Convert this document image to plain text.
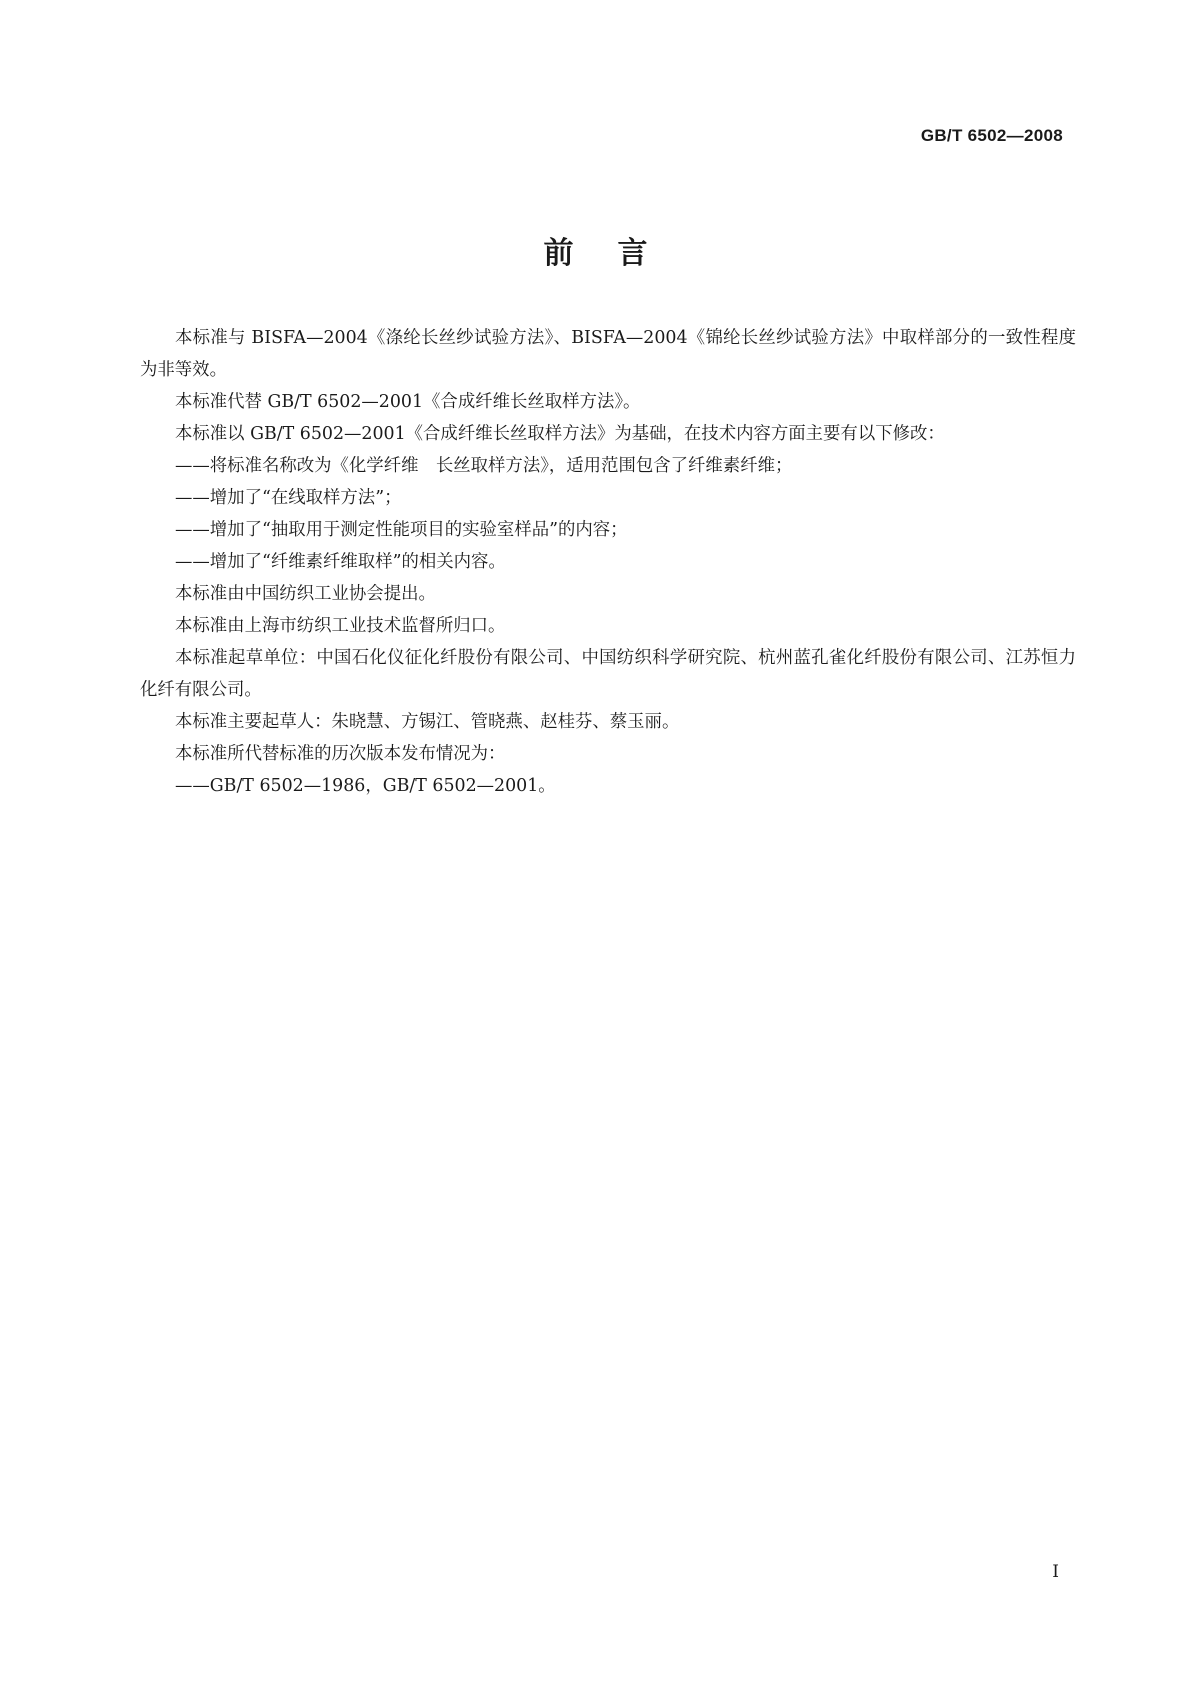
GB/T 6502—2008
前言

本标准与 BISFA—2004《涤纶长丝纱试验方法》、BISFA—2004《锦纶长丝纱试验方法》中取样部分的一致性程度为非等效。

本标准代替 GB/T 6502—2001《合成纤维长丝取样方法》。

本标准以 GB/T 6502—2001《合成纤维长丝取样方法》为基础，在技术内容方面主要有以下修改：

——将标准名称改为《化学纤维　长丝取样方法》，适用范围包含了纤维素纤维；

——增加了“在线取样方法”；

——增加了“抽取用于测定性能项目的实验室样品”的内容；

——增加了“纤维素纤维取样”的相关内容。

本标准由中国纺织工业协会提出。

本标准由上海市纺织工业技术监督所归口。

本标准起草单位：中国石化仪征化纤股份有限公司、中国纺织科学研究院、杭州蓝孔雀化纤股份有限公司、江苏恒力化纤有限公司。

本标准主要起草人：朱晓慧、方锡江、管晓燕、赵桂芬、蔡玉丽。

本标准所代替标准的历次版本发布情况为：

——GB/T 6502—1986，GB/T 6502—2001。

I
